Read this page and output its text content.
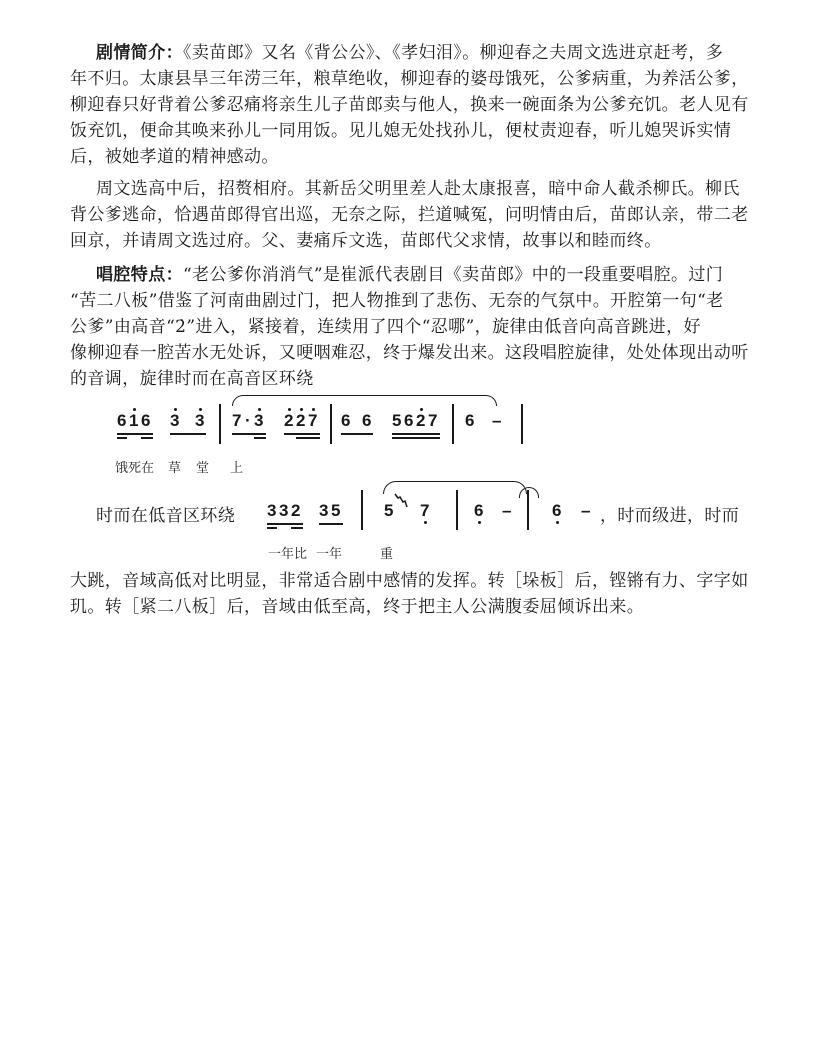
剧情简介：《卖苗郎》又名《背公公》、《孝妇泪》。柳迎春之夫周文选进京赶考，多
年不归。太康县旱三年涝三年，粮草绝收，柳迎春的婆母饿死，公爹病重，为养活公爹，
柳迎春只好背着公爹忍痛将亲生儿子苗郎卖与他人，换来一碗面条为公爹充饥。老人见有
饭充饥，便命其唤来孙儿一同用饭。见儿媳无处找孙儿，便杖责迎春，听儿媳哭诉实情
后，被她孝道的精神感动。
周文选高中后，招赘相府。其新岳父明里差人赴太康报喜，暗中命人截杀柳氏。柳氏
背公爹逃命，恰遇苗郎得官出巡，无奈之际，拦道喊冤，问明情由后，苗郎认亲，带二老
回京，并请周文选过府。父、妻痛斥文选，苗郎代父求情，故事以和睦而终。
唱腔特点：“老公爹你消消气”是崔派代表剧目《卖苗郎》中的一段重要唱腔。过门
“苦二八板”借鉴了河南曲剧过门，把人物推到了悲伤、无奈的气氛中。开腔第一句“老
公爹”由高音“2̇”进入，紧接着，连续用了四个“忍哪”，旋律由低音向高音跳进，好
像柳迎春一腔苦水无处诉，又哽咽难忍，终于爆发出来。这段唱腔旋律，处处体现出动听
的音调，旋律时而在高音区环绕
6 1 6 3 3 7 · 3 2 2 7 6 6 5 6 2 7 6 –
饿死在 草 堂 上
时而在低音区环绕	3 3 2 3 5	5 7	6 – 6 – ，时而级进，时而
一年比 一年	重
大跳，音域高低对比明显，非常适合剧中感情的发挥。转［垛板］后，铿锵有力、字字如
玑。转［紧二八板］后，音域由低至高，终于把主人公满腹委屈倾诉出来。
